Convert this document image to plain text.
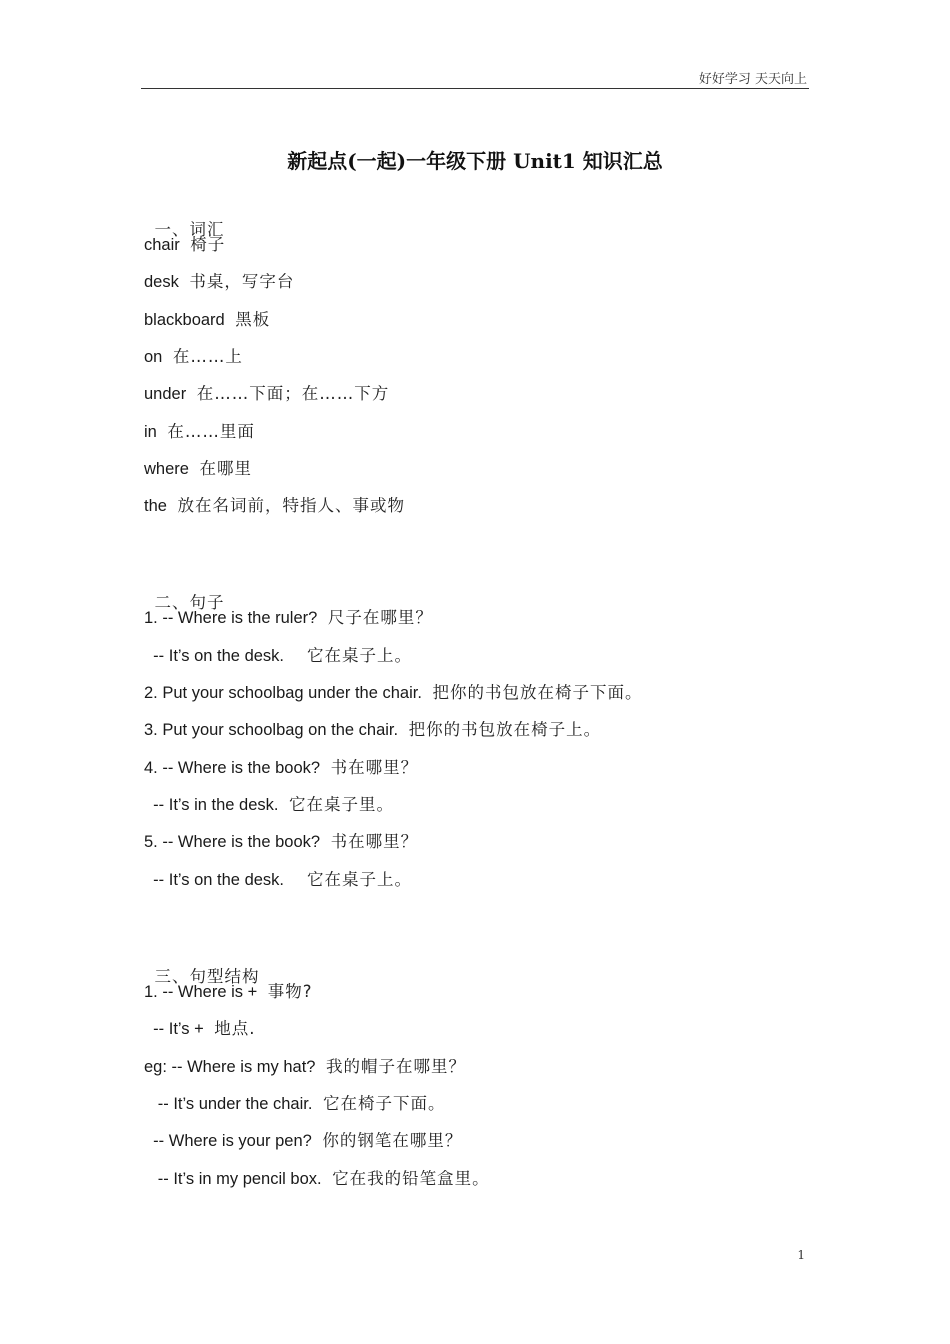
好好学习 天天向上
新起点(一起)一年级下册 Unit1 知识汇总

一、词汇

chair 椅子
desk 书桌，写字台
blackboard 黑板
on 在……上
under 在……下面；在……下方
in 在……里面
where 在哪里
the 放在名词前，特指人、事或物

二、句子

1. -- Where is the ruler? 尺子在哪里？
-- It’s on the desk.    它在桌子上。
2. Put your schoolbag under the chair. 把你的书包放在椅子下面。
3. Put your schoolbag on the chair. 把你的书包放在椅子上。
4. -- Where is the book? 书在哪里？
-- It’s in the desk. 它在桌子里。
5. -- Where is the book? 书在哪里？
-- It’s on the desk.    它在桌子上。

三、句型结构

1. -- Where is + 事物?
-- It’s + 地点.
eg: -- Where is my hat? 我的帽子在哪里？
-- It’s under the chair. 它在椅子下面。
-- Where is your pen? 你的钢笔在哪里？
-- It’s in my pencil box. 它在我的铅笔盒里。
1
